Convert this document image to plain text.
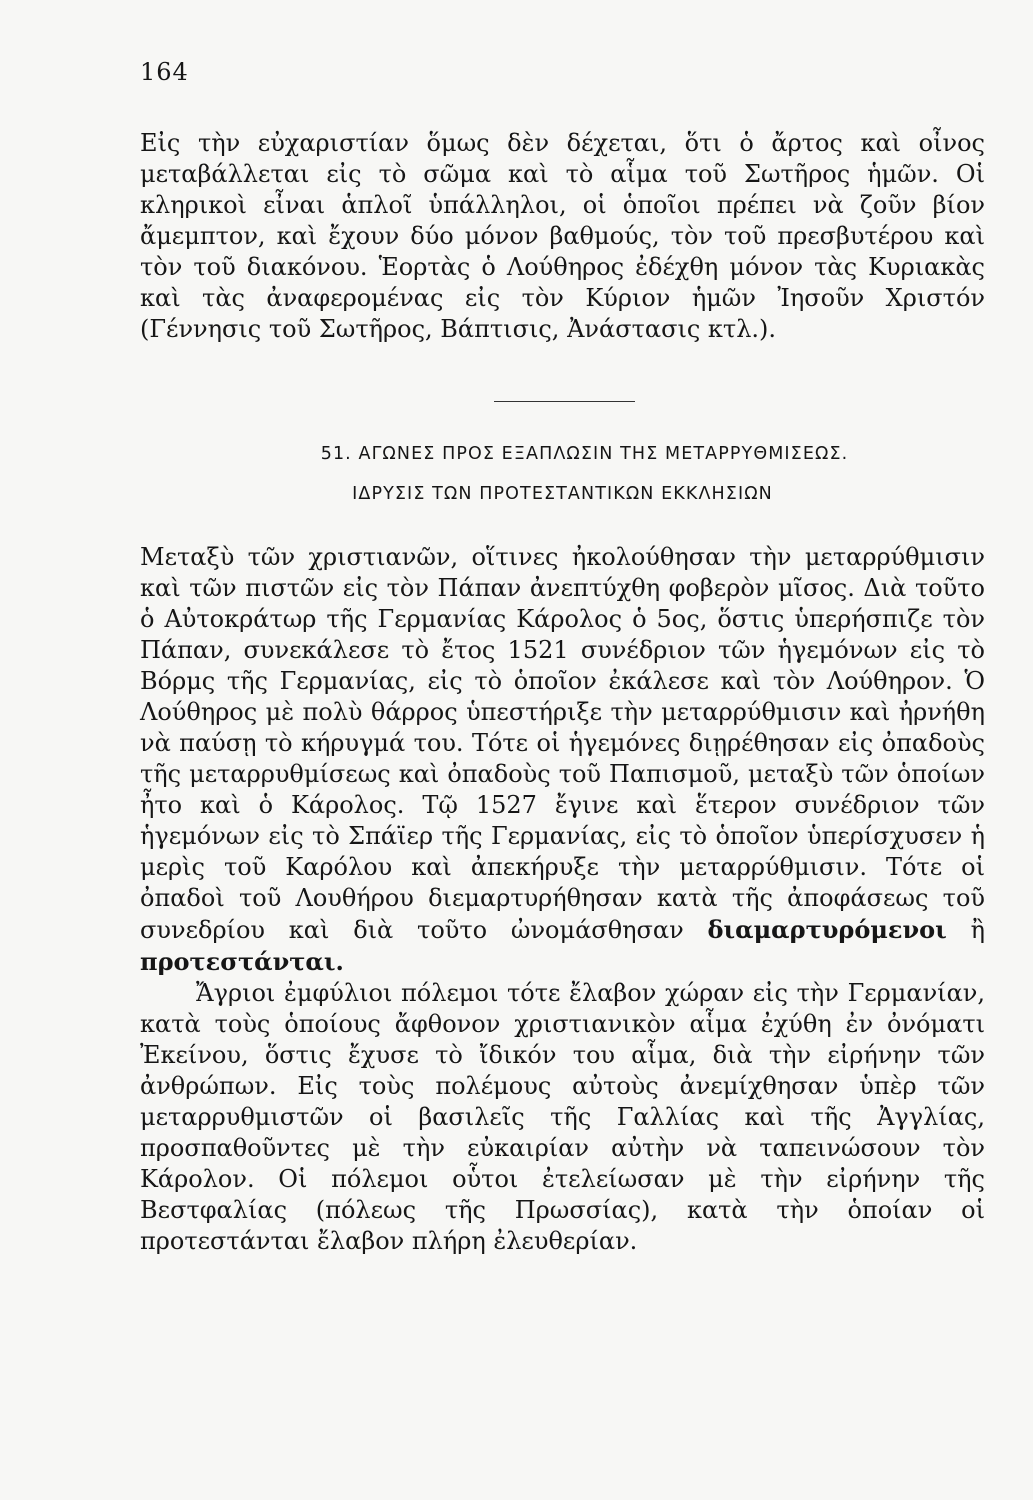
164

Εἰς τὴν εὐχαριστίαν ὅμως δὲν δέχεται, ὅτι ὁ ἄρτος καὶ οἶνος μεταβάλλεται εἰς τὸ σῶμα καὶ τὸ αἷμα τοῦ Σωτῆρος ἡμῶν. Οἱ κληρικοὶ εἶναι ἁπλοῖ ὑπάλληλοι, οἱ ὁποῖοι πρέπει νὰ ζοῦν βίον ἄμεμπτον, καὶ ἔχουν δύο μόνον βαθμούς, τὸν τοῦ πρεσβυτέρου καὶ τὸν τοῦ διακόνου. Ἑορτὰς ὁ Λούθηρος ἐδέχθη μόνον τὰς Κυριακὰς καὶ τὰς ἀναφερομένας εἰς τὸν Κύριον ἡμῶν Ἰησοῦν Χριστόν (Γέννησις τοῦ Σωτῆρος, Βάπτισις, Ἀνάστασις κτλ.).

51. ΑΓΩΝΕΣ ΠΡΟΣ ΕΞΑΠΛΩΣΙΝ ΤΗΣ ΜΕΤΑΡΡΥΘΜΙΣΕΩΣ.
ΙΔΡΥΣΙΣ ΤΩΝ ΠΡΟΤΕΣΤΑΝΤΙΚΩΝ ΕΚΚΛΗΣΙΩΝ

Μεταξὺ τῶν χριστιανῶν, οἵτινες ἠκολούθησαν τὴν μεταρρύθμισιν καὶ τῶν πιστῶν εἰς τὸν Πάπαν ἀνεπτύχθη φοβερὸν μῖσος. Διὰ τοῦτο ὁ Αὐτοκράτωρ τῆς Γερμανίας Κάρολος ὁ 5ος, ὅστις ὑπερήσπιζε τὸν Πάπαν, συνεκάλεσε τὸ ἔτος 1521 συνέδριον τῶν ἡγεμόνων εἰς τὸ Βόρμς τῆς Γερμανίας, εἰς τὸ ὁποῖον ἐκάλεσε καὶ τὸν Λούθηρον. Ὁ Λούθηρος μὲ πολὺ θάρρος ὑπεστήριξε τὴν μεταρρύθμισιν καὶ ἠρνήθη νὰ παύσῃ τὸ κήρυγμά του. Τότε οἱ ἡγεμόνες διῃρέθησαν εἰς ὀπαδοὺς τῆς μεταρρυθμίσεως καὶ ὀπαδοὺς τοῦ Παπισμοῦ, μεταξὺ τῶν ὁποίων ἦτο καὶ ὁ Κάρολος. Τῷ 1527 ἔγινε καὶ ἕτερον συνέδριον τῶν ἡγεμόνων εἰς τὸ Σπάϊερ τῆς Γερμανίας, εἰς τὸ ὁποῖον ὑπερίσχυσεν ἡ μερὶς τοῦ Καρόλου καὶ ἀπεκήρυξε τὴν μεταρρύθμισιν. Τότε οἱ ὀπαδοὶ τοῦ Λουθήρου διεμαρτυρήθησαν κατὰ τῆς ἀποφάσεως τοῦ συνεδρίου καὶ διὰ τοῦτο ὠνομάσθησαν διαμαρτυρόμενοι ἢ προτεστάνται.

Ἄγριοι ἐμφύλιοι πόλεμοι τότε ἔλαβον χώραν εἰς τὴν Γερμανίαν, κατὰ τοὺς ὁποίους ἄφθονον χριστιανικὸν αἷμα ἐχύθη ἐν ὀνόματι Ἐκείνου, ὅστις ἔχυσε τὸ ἴδικόν του αἷμα, διὰ τὴν εἰρήνην τῶν ἀνθρώπων. Εἰς τοὺς πολέμους αὐτοὺς ἀνεμίχθησαν ὑπὲρ τῶν μεταρρυθμιστῶν οἱ βασιλεῖς τῆς Γαλλίας καὶ τῆς Ἀγγλίας, προσπαθοῦντες μὲ τὴν εὐκαιρίαν αὐτὴν νὰ ταπεινώσουν τὸν Κάρολον. Οἱ πόλεμοι οὗτοι ἐτελείωσαν μὲ τὴν εἰρήνην τῆς Βεστφαλίας (πόλεως τῆς Πρωσσίας), κατὰ τὴν ὁποίαν οἱ προτεστάνται ἔλαβον πλήρη ἐλευθερίαν.
